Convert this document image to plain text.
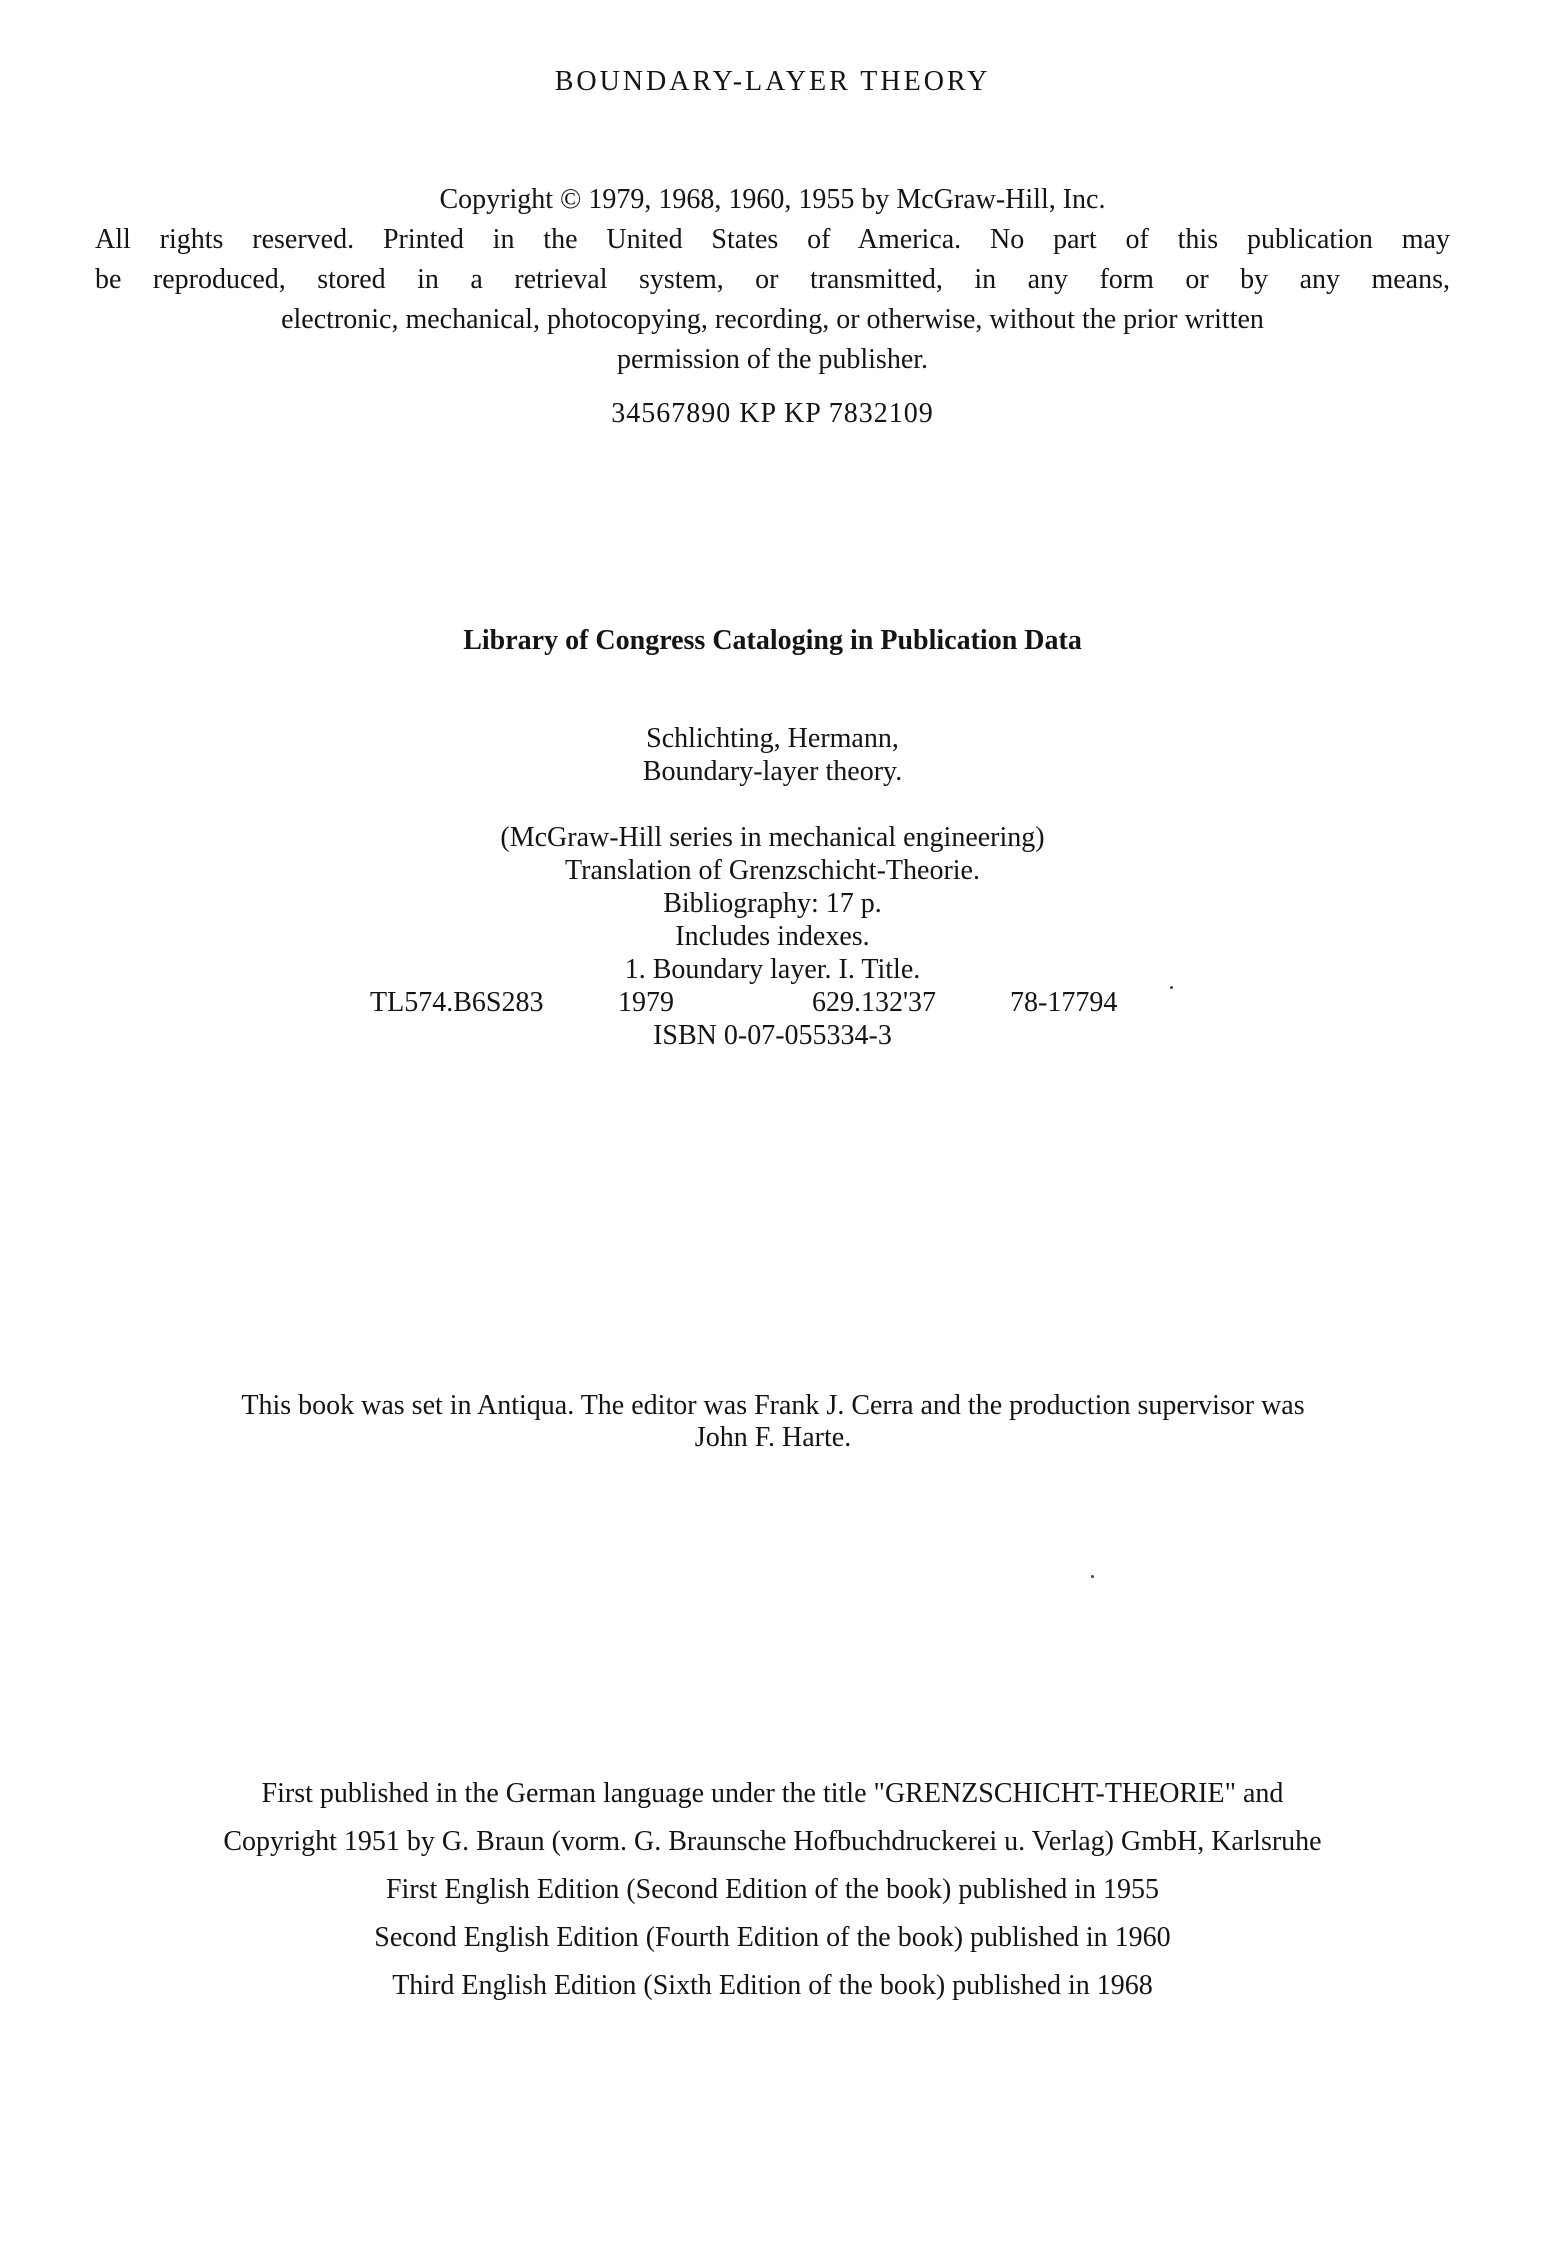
BOUNDARY-LAYER THEORY
Copyright © 1979, 1968, 1960, 1955 by McGraw-Hill, Inc.
All rights reserved. Printed in the United States of America. No part of this publication may
be reproduced, stored in a retrieval system, or transmitted, in any form or by any means,
electronic, mechanical, photocopying, recording, or otherwise, without the prior written
permission of the publisher.
34567890 KP KP 7832109
Library of Congress Cataloging in Publication Data
Schlichting, Hermann,
Boundary-layer theory.
(McGraw-Hill series in mechanical engineering)
Translation of Grenzschicht-Theorie.
Bibliography: 17 p.
Includes indexes.
1. Boundary layer. I. Title.
TL574.B6S283	1979	629.132'37	78-17794
ISBN 0-07-055334-3
This book was set in Antiqua. The editor was Frank J. Cerra and the production supervisor was
John F. Harte.
First published in the German language under the title "GRENZSCHICHT-THEORIE" and
Copyright 1951 by G. Braun (vorm. G. Braunsche Hofbuchdruckerei u. Verlag) GmbH, Karlsruhe
First English Edition (Second Edition of the book) published in 1955
Second English Edition (Fourth Edition of the book) published in 1960
Third English Edition (Sixth Edition of the book) published in 1968
